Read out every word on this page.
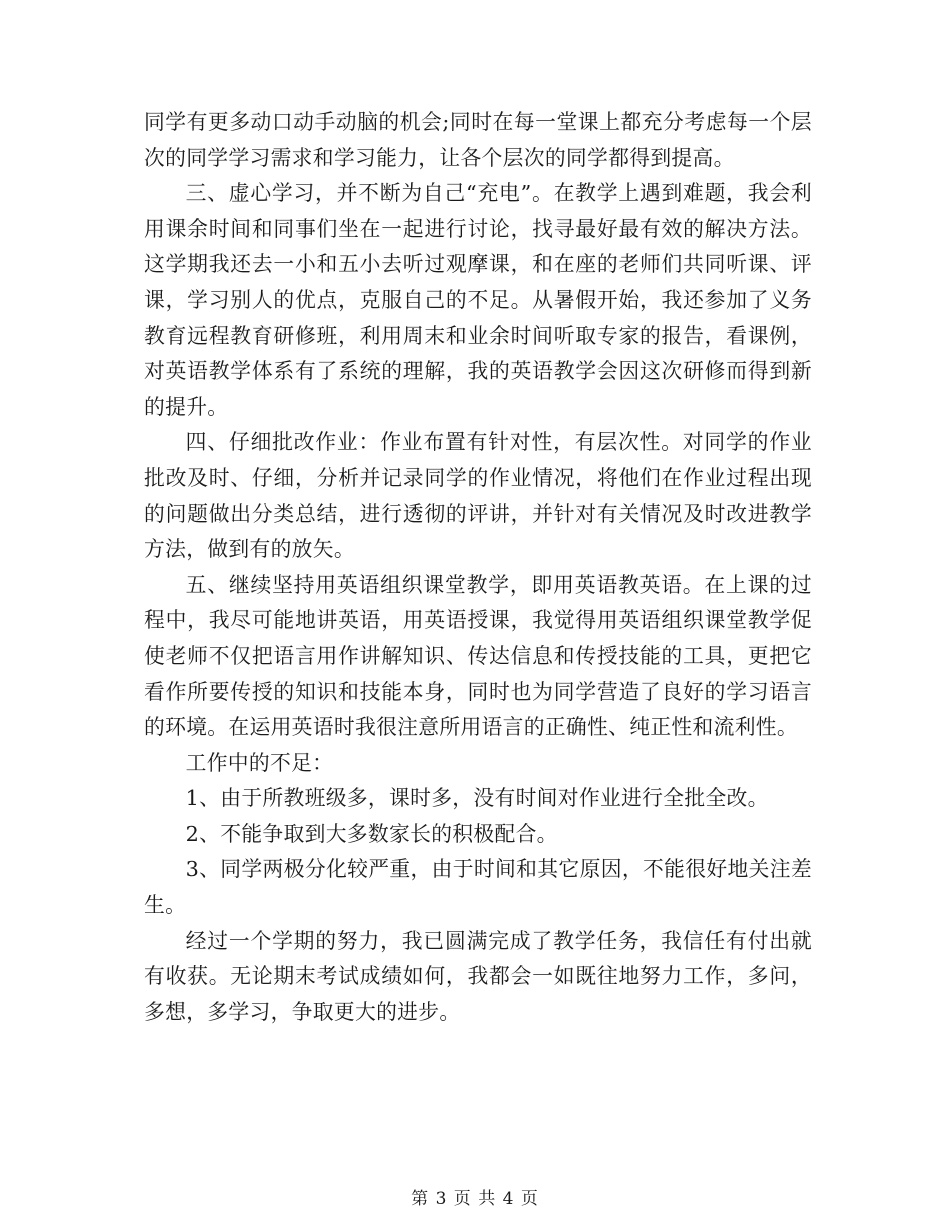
同学有更多动口动手动脑的机会;同时在每一堂课上都充分考虑每一个层次的同学学习需求和学习能力，让各个层次的同学都得到提高。

三、虚心学习，并不断为自己“充电”。在教学上遇到难题，我会利用课余时间和同事们坐在一起进行讨论，找寻最好最有效的解决方法。这学期我还去一小和五小去听过观摩课，和在座的老师们共同听课、评课，学习别人的优点，克服自己的不足。从暑假开始，我还参加了义务教育远程教育研修班，利用周末和业余时间听取专家的报告，看课例，对英语教学体系有了系统的理解，我的英语教学会因这次研修而得到新的提升。

四、仔细批改作业：作业布置有针对性，有层次性。对同学的作业批改及时、仔细，分析并记录同学的作业情况，将他们在作业过程出现的问题做出分类总结，进行透彻的评讲，并针对有关情况及时改进教学方法，做到有的放矢。

五、继续坚持用英语组织课堂教学，即用英语教英语。在上课的过程中，我尽可能地讲英语，用英语授课，我觉得用英语组织课堂教学促使老师不仅把语言用作讲解知识、传达信息和传授技能的工具，更把它看作所要传授的知识和技能本身，同时也为同学营造了良好的学习语言的环境。在运用英语时我很注意所用语言的正确性、纯正性和流利性。

工作中的不足：

1、由于所教班级多，课时多，没有时间对作业进行全批全改。

2、不能争取到大多数家长的积极配合。

3、同学两极分化较严重，由于时间和其它原因，不能很好地关注差生。

经过一个学期的努力，我已圆满完成了教学任务，我信任有付出就有收获。无论期末考试成绩如何，我都会一如既往地努力工作，多问，多想，多学习，争取更大的进步。

第 3 页 共 4 页
